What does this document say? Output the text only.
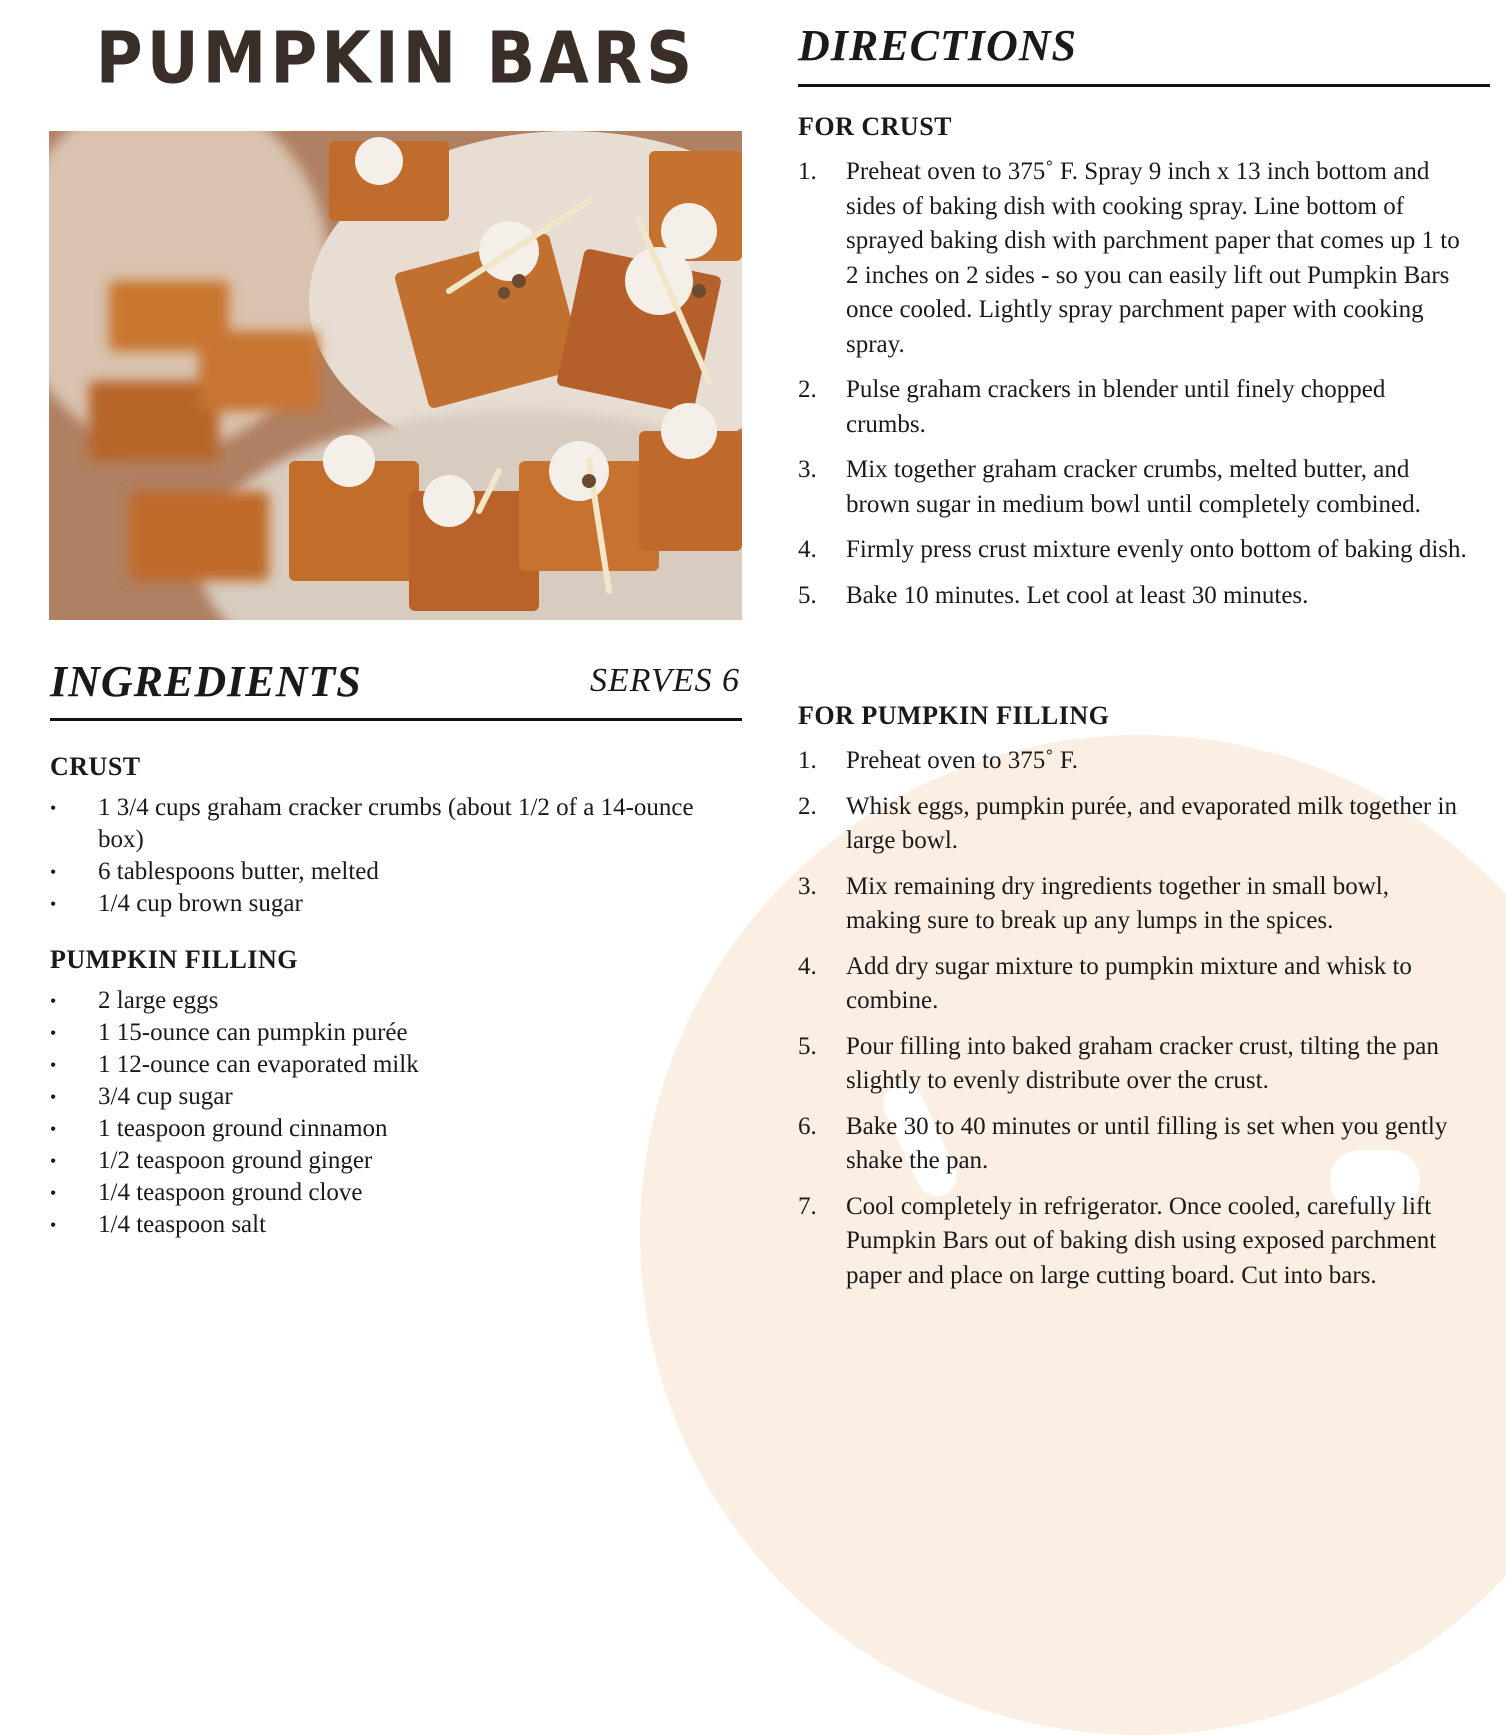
PUMPKIN BARS
INGREDIENTS	SERVES 6
CRUST
• 1 3/4 cups graham cracker crumbs (about 1/2 of a 14-ounce box)
• 6 tablespoons butter, melted
• 1/4 cup brown sugar
PUMPKIN FILLING
• 2 large eggs
• 1 15-ounce can pumpkin purée
• 1 12-ounce can evaporated milk
• 3/4 cup sugar
• 1 teaspoon ground cinnamon
• 1/2 teaspoon ground ginger
• 1/4 teaspoon ground clove
• 1/4 teaspoon salt
DIRECTIONS
FOR CRUST
1.	Preheat oven to 375˚ F. Spray 9 inch x 13 inch bottom and sides of baking dish with cooking spray. Line bottom of sprayed baking dish with parchment paper that comes up 1 to 2 inches on 2 sides - so you can easily lift out Pumpkin Bars once cooled. Lightly spray parchment paper with cooking spray.
2.	Pulse graham crackers in blender until finely chopped crumbs.
3.	Mix together graham cracker crumbs, melted butter, and brown sugar in medium bowl until completely combined.
4.	Firmly press crust mixture evenly onto bottom of baking dish.
5.	Bake 10 minutes. Let cool at least 30 minutes.
FOR PUMPKIN FILLING
1.	Preheat oven to 375˚ F.
2.	Whisk eggs, pumpkin purée, and evaporated milk together in large bowl.
3.	Mix remaining dry ingredients together in small bowl, making sure to break up any lumps in the spices.
4.	Add dry sugar mixture to pumpkin mixture and whisk to combine.
5.	Pour filling into baked graham cracker crust, tilting the pan slightly to evenly distribute over the crust.
6.	Bake 30 to 40 minutes or until filling is set when you gently shake the pan.
7.	Cool completely in refrigerator. Once cooled, carefully lift Pumpkin Bars out of baking dish using exposed parchment paper and place on large cutting board. Cut into bars.
